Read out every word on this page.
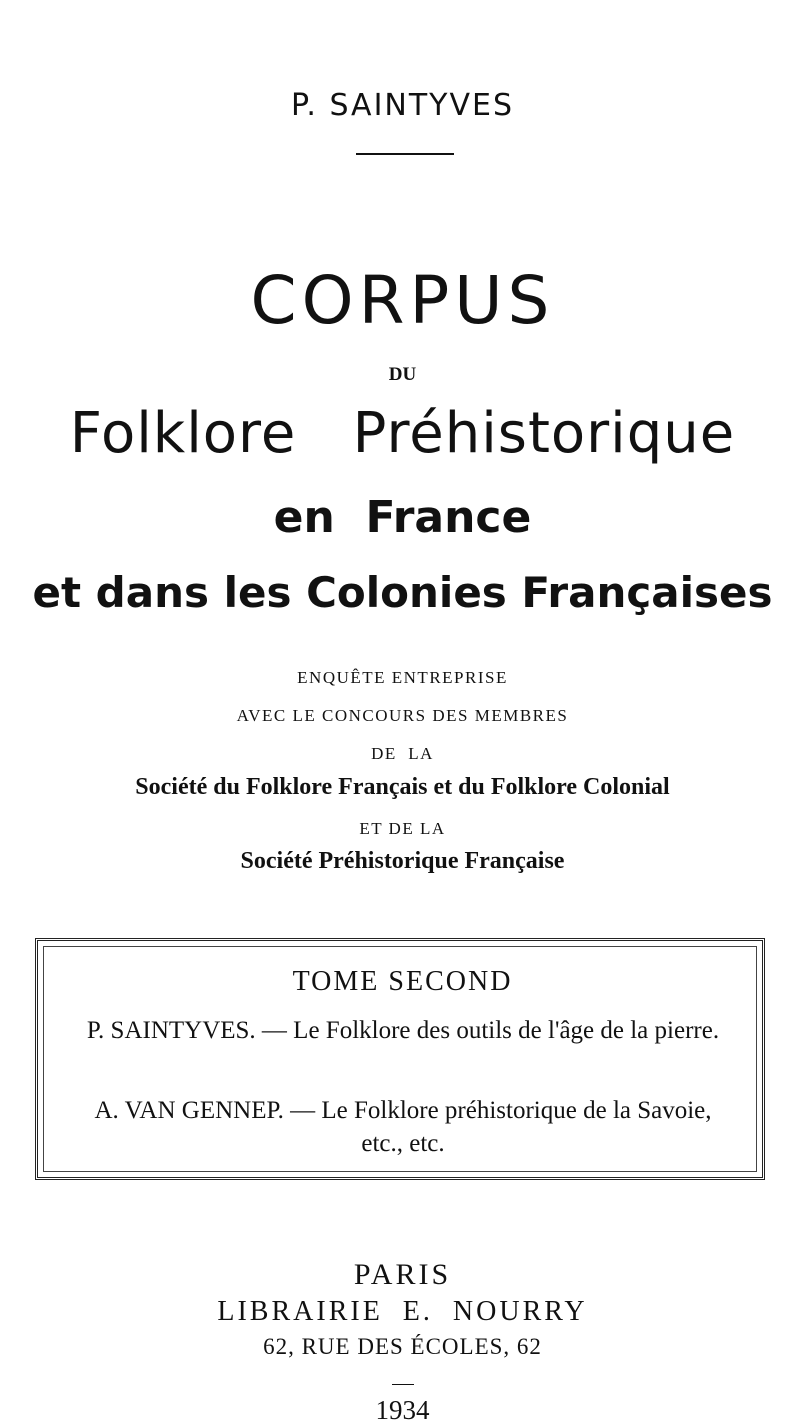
P. SAINTYVES
CORPUS
DU
Folklore   Préhistorique
en  France
et dans les Colonies Françaises
ENQUÊTE ENTREPRISE
AVEC LE CONCOURS DES MEMBRES
DE  LA
Société du Folklore Français et du Folklore Colonial
ET DE LA
Société Préhistorique Française
TOME SECOND
P. SAINTYVES. — Le Folklore des outils de l'âge de la pierre.
A. VAN GENNEP. — Le Folklore préhistorique de la Savoie, etc., etc.
PARIS
LIBRAIRIE  E.  NOURRY
62, RUE DES ÉCOLES, 62
1934
